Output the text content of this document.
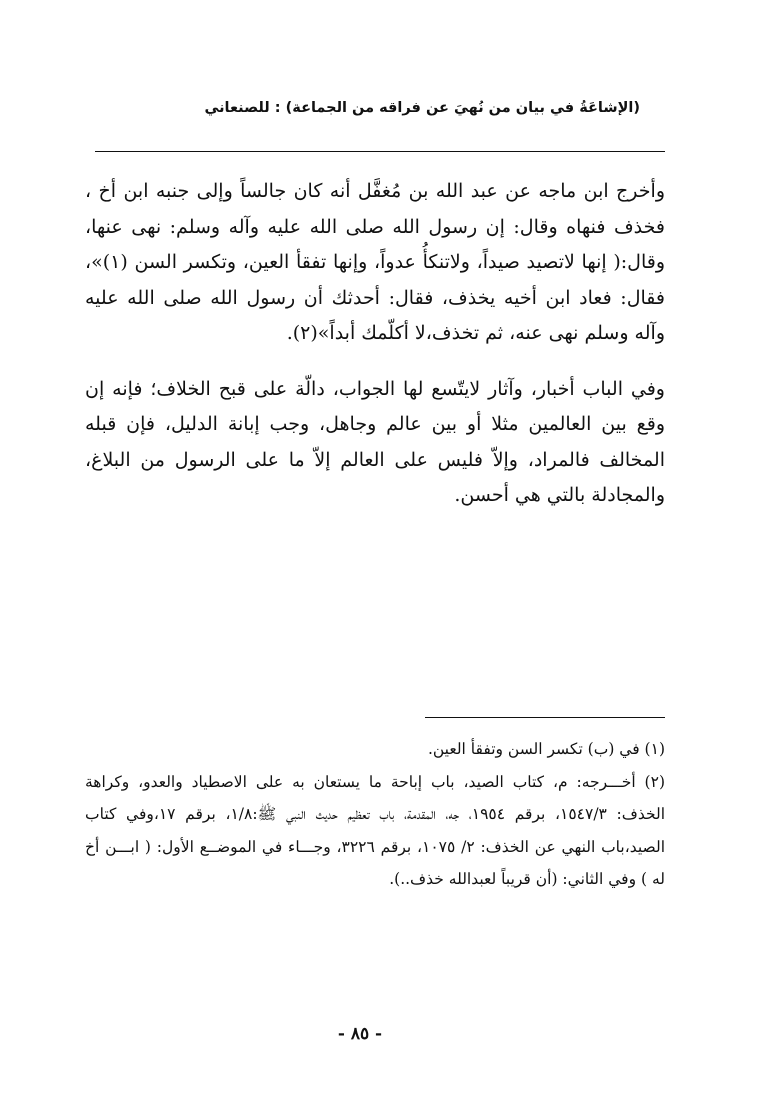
(الإشاعَةُ في بيان من نُهيَ عن فراقه من الجماعة) : للصنعاني

وأخرج ابن ماجه عن عبد الله بن مُغفَّل أنه كان جالساً وإلى جنبه ابن أخ ، فخذف فنهاه وقال: إن رسول الله صلى الله عليه وآله وسلم: نهى عنها، وقال:( إنها لاتصيد صيداً، ولاتنكأُ عدواً، وإنها تفقأ العين، وتكسر السن (١)»، فقال: فعاد ابن أخيه يخذف، فقال: أحدثك أن رسول الله صلى الله عليه وآله وسلم نهى عنه، ثم تخذف،لا أكلّمك أبداً»(٢).

وفي الباب أخبار، وآثار لايتّسع لها الجواب، دالّة على قبح الخلاف؛ فإنه إن وقع بين العالمين مثلا أو بين عالم وجاهل، وجب إبانة الدليل، فإن قبله المخالف فالمراد، وإلاّ فليس على العالم إلاّ ما على الرسول من البلاغ، والمجادلة بالتي هي أحسن.

(١) في (ب) تكسر السن وتفقأ العين.

(٢) أخـــرجه: م، كتاب الصيد، باب إباحة ما يستعان به على الاصطياد والعدو، وكراهة الخذف: ١٥٤٧/٣، برقم ١٩٥٤، جه، المقدمة، باب تعظيم حديث النبي ﷺ:١/٨، برقم ١٧،وفي كتاب الصيد،باب النهي عن الخذف: ٢/ ١٠٧٥، برقم ٣٢٢٦، وجـــاء في الموضــع الأول: ( ابـــن أخ له ) وفي الثاني: (أن قريباً لعبدالله خذف..).

- ٨٥ -
